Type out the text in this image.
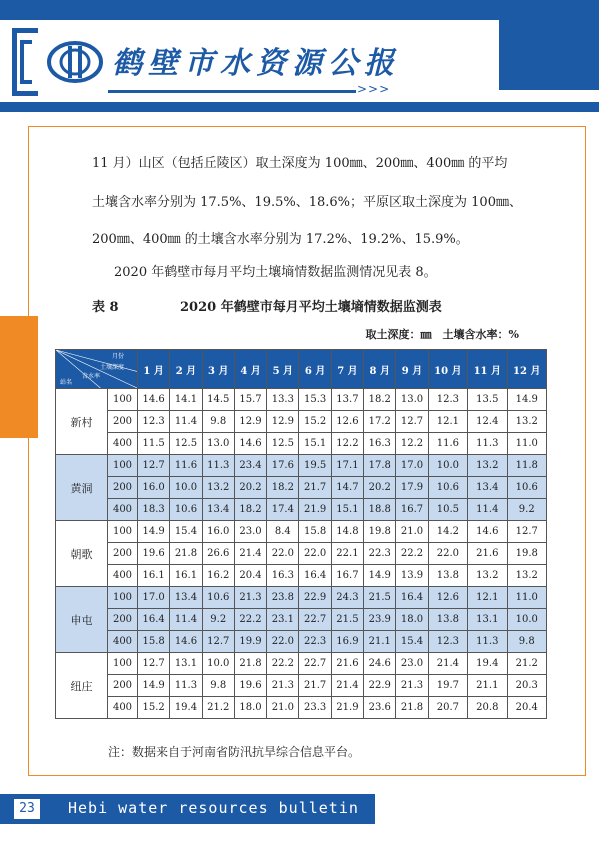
鹤壁市水资源公报
>>>
11 月）山区（包括丘陵区）取土深度为 100㎜、200㎜、400㎜ 的平均
土壤含水率分别为 17.5%、19.5%、18.6%；平原区取土深度为 100㎜、
200㎜、400㎜ 的土壤含水率分别为 17.2%、19.2%、15.9%。
2020 年鹤壁市每月平均土壤墒情数据监测情况见表 8。
表 8	2020 年鹤壁市每月平均土壤墒情数据监测表
取土深度：㎜　土壤含水率：%
月份
土壤深度
含水率
站名		1 月	2 月	3 月	4 月	5 月	6 月	7 月	8 月	9 月	10 月	11 月	12 月
新村	100	14.6	14.1	14.5	15.7	13.3	15.3	13.7	18.2	13.0	12.3	13.5	14.9
	200	12.3	11.4	9.8	12.9	12.9	15.2	12.6	17.2	12.7	12.1	12.4	13.2
	400	11.5	12.5	13.0	14.6	12.5	15.1	12.2	16.3	12.2	11.6	11.3	11.0
黄洞	100	12.7	11.6	11.3	23.4	17.6	19.5	17.1	17.8	17.0	10.0	13.2	11.8
	200	16.0	10.0	13.2	20.2	18.2	21.7	14.7	20.2	17.9	10.6	13.4	10.6
	400	18.3	10.6	13.4	18.2	17.4	21.9	15.1	18.8	16.7	10.5	11.4	9.2
朝歌	100	14.9	15.4	16.0	23.0	8.4	15.8	14.8	19.8	21.0	14.2	14.6	12.7
	200	19.6	21.8	26.6	21.4	22.0	22.0	22.1	22.3	22.2	22.0	21.6	19.8
	400	16.1	16.1	16.2	20.4	16.3	16.4	16.7	14.9	13.9	13.8	13.2	13.2
申屯	100	17.0	13.4	10.6	21.3	23.8	22.9	24.3	21.5	16.4	12.6	12.1	11.0
	200	16.4	11.4	9.2	22.2	23.1	22.7	21.5	23.9	18.0	13.8	13.1	10.0
	400	15.8	14.6	12.7	19.9	22.0	22.3	16.9	21.1	15.4	12.3	11.3	9.8
纽庄	100	12.7	13.1	10.0	21.8	22.2	22.7	21.6	24.6	23.0	21.4	19.4	21.2
	200	14.9	11.3	9.8	19.6	21.3	21.7	21.4	22.9	21.3	19.7	21.1	20.3
	400	15.2	19.4	21.2	18.0	21.0	23.3	21.9	23.6	21.8	20.7	20.8	20.4
注：数据来自于河南省防汛抗旱综合信息平台。
23	Hebi water resources bulletin
